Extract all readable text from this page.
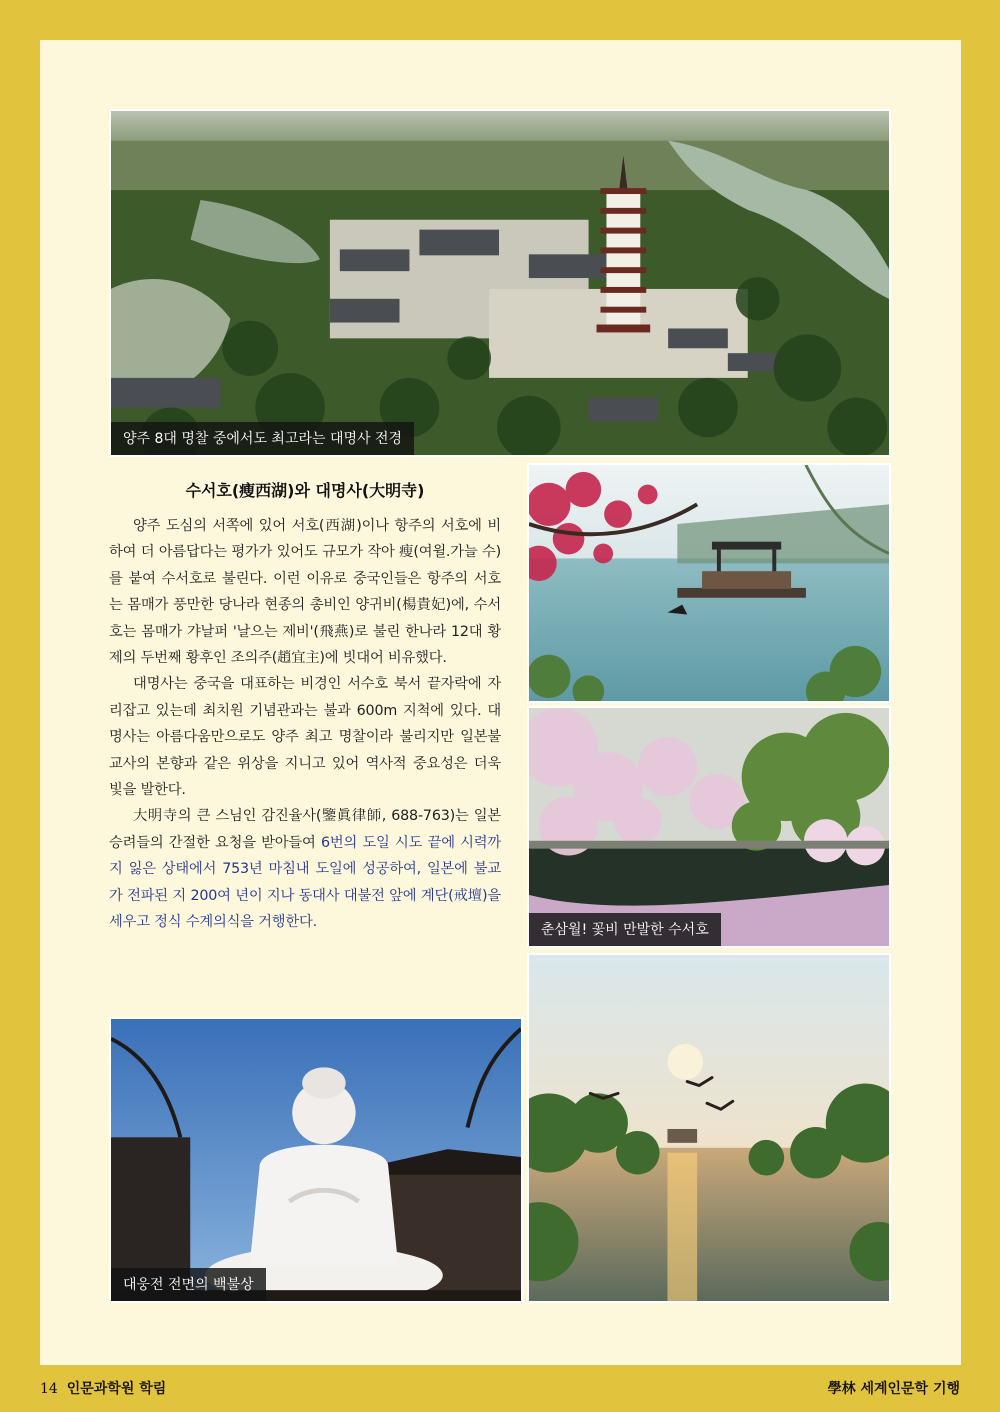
양주 8대 명찰 중에서도 최고라는 대명사 전경
수서호(瘦西湖)와 대명사(大明寺)

양주 도심의 서쪽에 있어 서호(西湖)이나 항주의 서호에 비하여 더 아름답다는 평가가 있어도 규모가 작아 瘦(여윌.가늘 수)를 붙여 수서호로 불린다. 이런 이유로 중국인들은 항주의 서호는 몸매가 풍만한 당나라 현종의 총비인 양귀비(楊貴妃)에, 수서호는 몸매가 갸날퍼 '날으는 제비'(飛燕)로 불린 한나라 12대 황제의 두번째 황후인 조의주(趙宜主)에 빗대어 비유했다.

대명사는 중국을 대표하는 비경인 서수호 북서 끝자락에 자리잡고 있는데 최치원 기념관과는 불과 600m 지척에 있다. 대명사는 아름다움만으로도 양주 최고 명찰이라 불리지만 일본불교사의 본향과 같은 위상을 지니고 있어 역사적 중요성은 더욱 빛을 발한다.

大明寺의 큰 스님인 감진율사(鑒眞律師, 688-763)는 일본 승려들의 간절한 요청을 받아들여 6번의 도일 시도 끝에 시력까지 잃은 상태에서 753년 마침내 도일에 성공하여, 일본에 불교가 전파된 지 200여 년이 지나 동대사 대불전 앞에 계단(戒壇)을 세우고 정식 수계의식을 거행한다.	춘삼월! 꽃비 만발한 수서호
대웅전 전면의 백불상
14 인문과학원 학림	學林 세계인문학 기행
